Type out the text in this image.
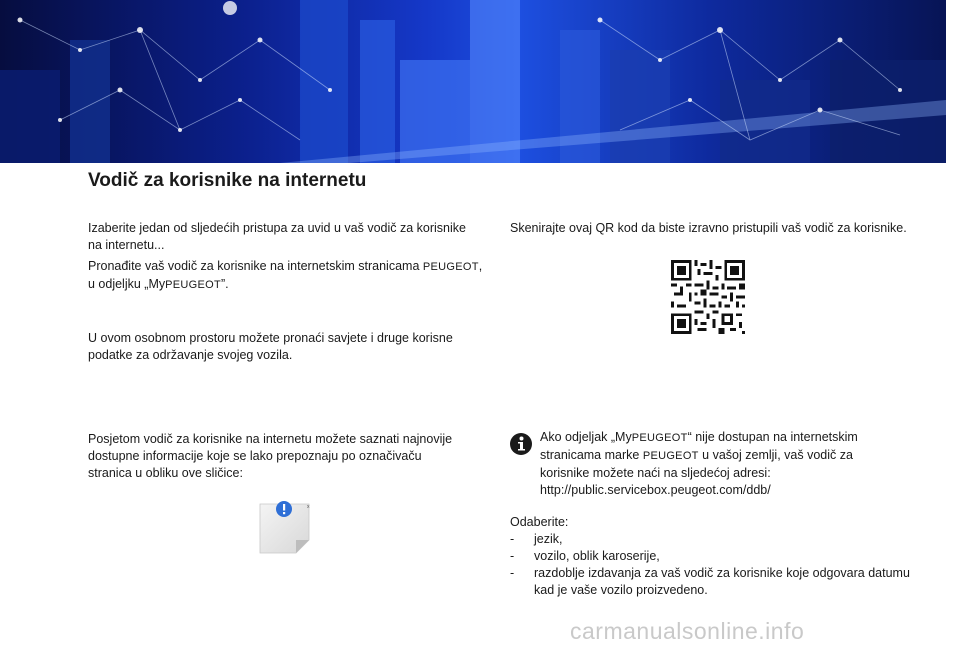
Vodič za korisnike na internetu
Izaberite jedan od sljedećih pristupa za uvid u vaš vodič za korisnike na internetu...
Pronađite vaš vodič za korisnike na internetskim stranicama PEUGEOT, u odjeljku „MyPEUGEOT”.
U ovom osobnom prostoru možete pronaći savjete i druge korisne podatke za održavanje svojeg vozila.
Posjetom vodič za korisnike na internetu možete saznati najnovije dostupne informacije koje se lako prepoznaju po označivaču stranica u obliku ove sličice:
x
Skenirajte ovaj QR kod da biste izravno pristupili vaš vodič za korisnike.
Ako odjeljak „MyPEUGEOT“ nije dostupan na internetskim stranicama marke PEUGEOT u vašoj zemlji, vaš vodič za korisnike možete naći na sljedećoj adresi:
http://public.servicebox.peugeot.com/ddb/
Odaberite:
-	jezik,
-	vozilo, oblik karoserije,
-	razdoblje izdavanja za vaš vodič za korisnike koje odgovara datumu kad je vaše vozilo proizvedeno.
carmanualsonline.info
